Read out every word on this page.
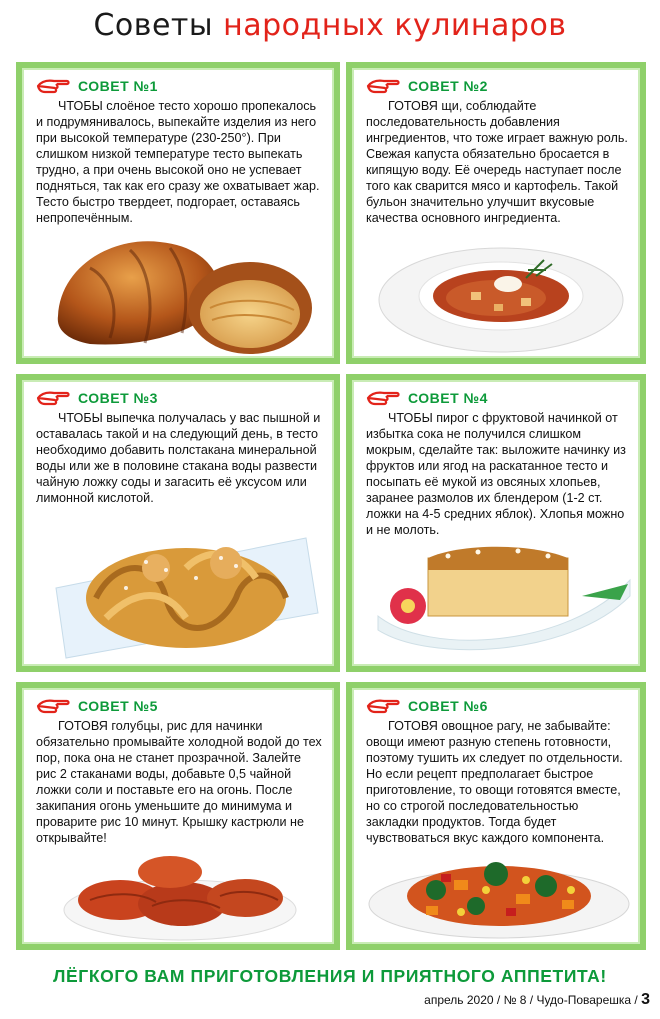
Советы народных кулинаров
СОВЕТ №1
ЧТОБЫ слоёное тесто хорошо пропекалось и подрумянивалось, выпекайте изделия из него при высокой температуре (230-250°). При слишком низкой температуре тесто выпекать трудно, а при очень высокой оно не успевает подняться, так как его сразу же охватывает жар. Тесто быстро твердеет, подгорает, оставаясь непропечённым.
СОВЕТ №2
ГОТОВЯ щи, соблюдайте последовательность добавления ингредиентов, что тоже играет важную роль. Свежая капуста обязательно бросается в кипящую воду. Её очередь наступает после того как сварится мясо и картофель. Такой бульон значительно улучшит вкусовые качества основного ингредиента.
СОВЕТ №3
ЧТОБЫ выпечка получалась у вас пышной и оставалась такой и на следующий день, в тесто необходимо добавить полстакана минеральной воды или же в половине стакана воды развести чайную ложку соды и загасить её уксусом или лимонной кислотой.
СОВЕТ №4
ЧТОБЫ пирог с фруктовой начинкой от избытка сока не получился слишком мокрым, сделайте так: выложите начинку из фруктов или ягод на раскатанное тесто и посыпать её мукой из овсяных хлопьев, заранее размолов их блендером (1-2 ст. ложки на 4-5 средних яблок). Хлопья можно и не молоть.
СОВЕТ №5
ГОТОВЯ голубцы, рис для начинки обязательно промывайте холодной водой до тех пор, пока она не станет прозрачной. Залейте рис 2 стаканами воды, добавьте 0,5 чайной ложки соли и поставьте его на огонь. После закипания огонь уменьшите до минимума и проварите рис 10 минут. Крышку кастрюли не открывайте!
СОВЕТ №6
ГОТОВЯ овощное рагу, не забывайте: овощи имеют разную степень готовности, поэтому тушить их следует по отдельности. Но если рецепт предполагает быстрое приготовление, то овощи готовятся вместе, но со строгой последовательностью закладки продуктов. Тогда будет чувствоваться вкус каждого компонента.
ЛЁГКОГО ВАМ ПРИГОТОВЛЕНИЯ И ПРИЯТНОГО АППЕТИТА!
апрель 2020 / № 8 / Чудо-Поварешка / 3
